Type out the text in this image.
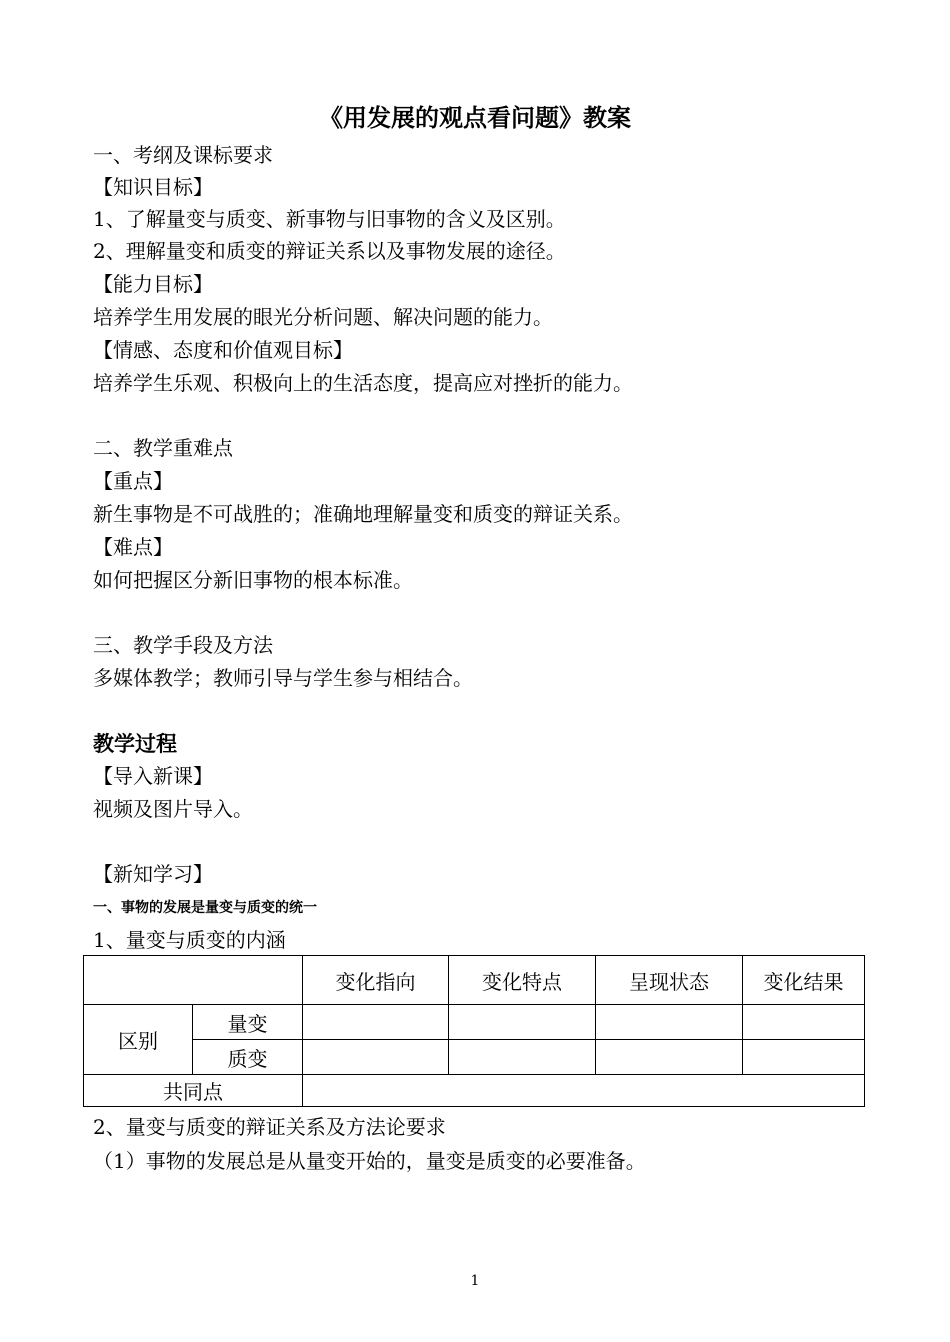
《用发展的观点看问题》教案
一、考纲及课标要求
【知识目标】
1、了解量变与质变、新事物与旧事物的含义及区别。
2、理解量变和质变的辩证关系以及事物发展的途径。
【能力目标】
培养学生用发展的眼光分析问题、解决问题的能力。
【情感、态度和价值观目标】
培养学生乐观、积极向上的生活态度，提高应对挫折的能力。
二、教学重难点
【重点】
新生事物是不可战胜的；准确地理解量变和质变的辩证关系。
【难点】
如何把握区分新旧事物的根本标准。
三、教学手段及方法
多媒体教学；教师引导与学生参与相结合。
教学过程
【导入新课】
视频及图片导入。
【新知学习】
一、事物的发展是量变与质变的统一
1、量变与质变的内涵
		变化指向	变化特点	呈现状态	变化结果
区别	量变				
	质变				
共同点					
2、量变与质变的辩证关系及方法论要求
（1）事物的发展总是从量变开始的，量变是质变的必要准备。
1
